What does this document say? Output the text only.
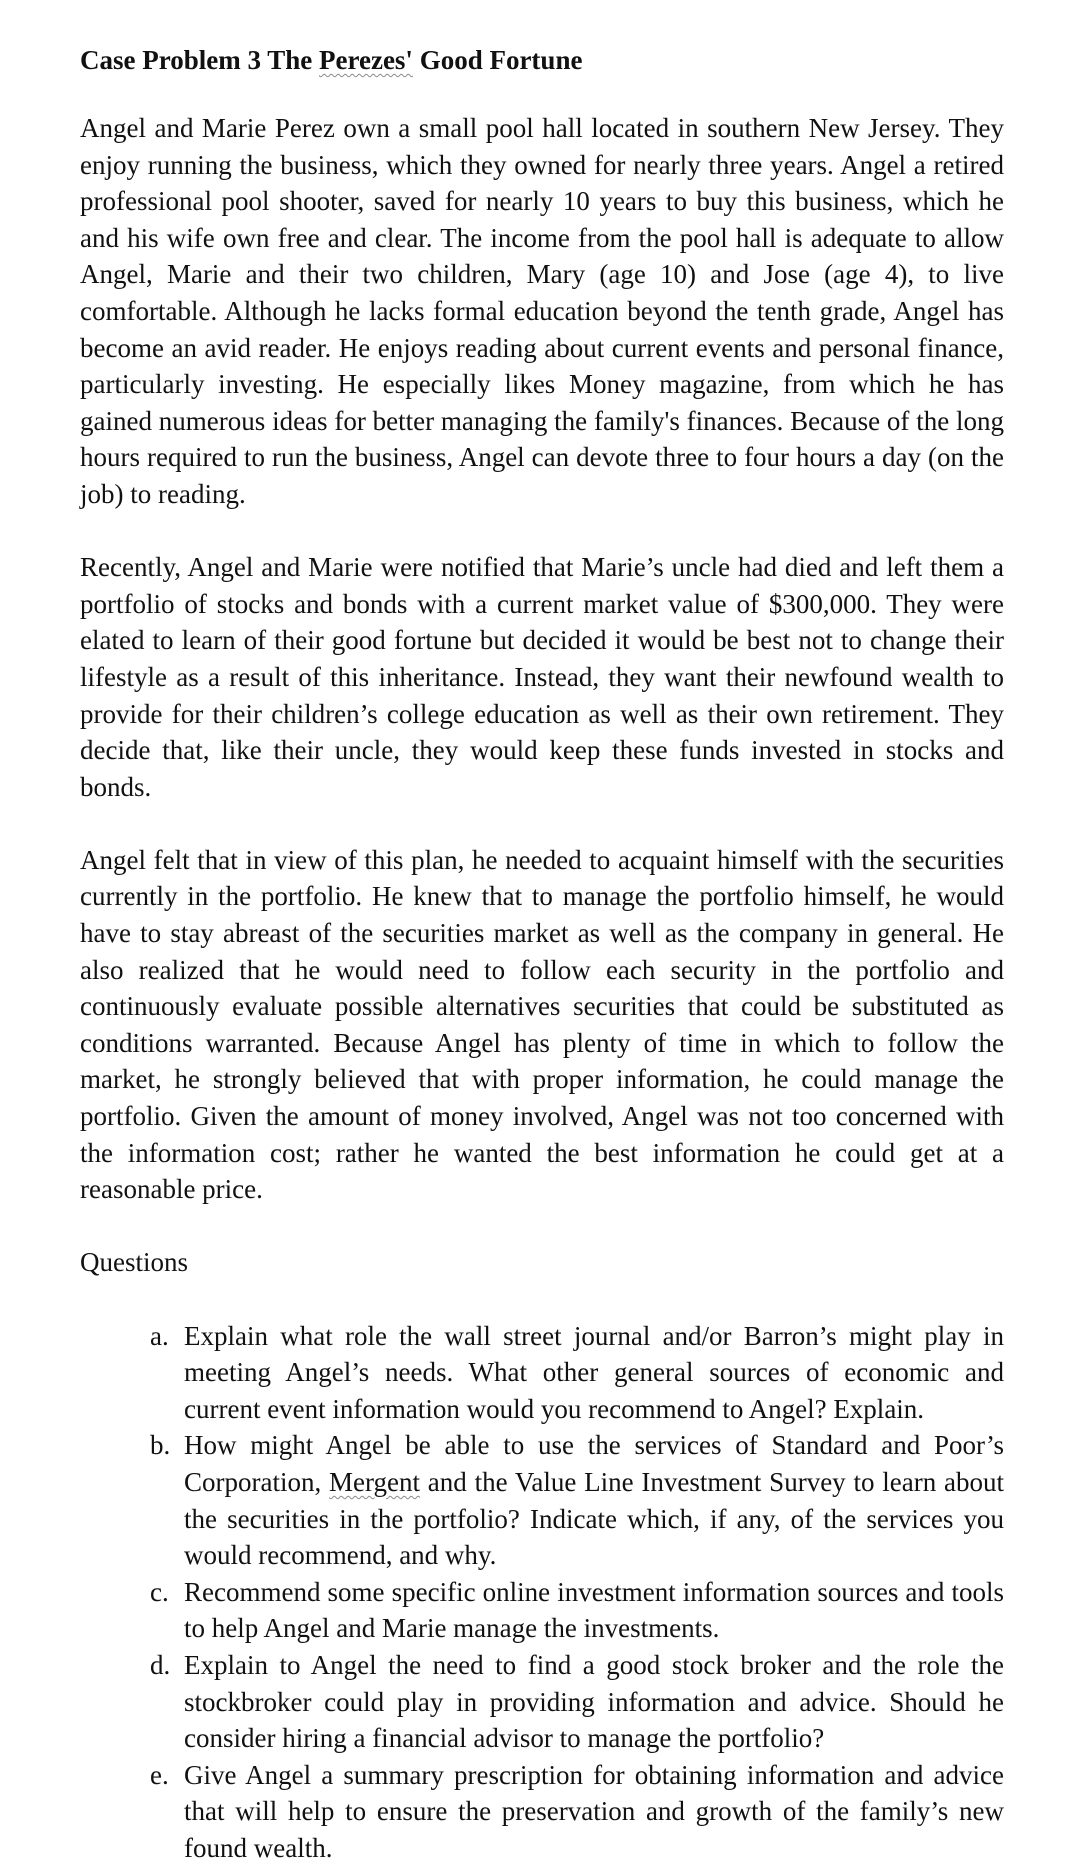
Case Problem 3 The Perezes' Good Fortune

Angel and Marie Perez own a small pool hall located in southern New Jersey. They enjoy running the business, which they owned for nearly three years. Angel a retired professional pool shooter, saved for nearly 10 years to buy this business, which he and his wife own free and clear. The income from the pool hall is adequate to allow Angel, Marie and their two children, Mary (age 10) and Jose (age 4), to live comfortable. Although he lacks formal education beyond the tenth grade, Angel has become an avid reader. He enjoys reading about current events and personal finance, particularly investing. He especially likes Money magazine, from which he has gained numerous ideas for better managing the family's finances. Because of the long hours required to run the business, Angel can devote three to four hours a day (on the job) to reading.

Recently, Angel and Marie were notified that Marie’s uncle had died and left them a portfolio of stocks and bonds with a current market value of $300,000. They were elated to learn of their good fortune but decided it would be best not to change their lifestyle as a result of this inheritance. Instead, they want their newfound wealth to provide for their children’s college education as well as their own retirement. They decide that, like their uncle, they would keep these funds invested in stocks and bonds.

Angel felt that in view of this plan, he needed to acquaint himself with the securities currently in the portfolio. He knew that to manage the portfolio himself, he would have to stay abreast of the securities market as well as the company in general. He also realized that he would need to follow each security in the portfolio and continuously evaluate possible alternatives securities that could be substituted as conditions warranted. Because Angel has plenty of time in which to follow the market, he strongly believed that with proper information, he could manage the portfolio. Given the amount of money involved, Angel was not too concerned with the information cost; rather he wanted the best information he could get at a reasonable price.

Questions
a. Explain what role the wall street journal and/or Barron’s might play in meeting Angel’s needs. What other general sources of economic and current event information would you recommend to Angel? Explain.
b. How might Angel be able to use the services of Standard and Poor’s Corporation, Mergent and the Value Line Investment Survey to learn about the securities in the portfolio? Indicate which, if any, of the services you would recommend, and why.
c. Recommend some specific online investment information sources and tools to help Angel and Marie manage the investments.
d. Explain to Angel the need to find a good stock broker and the role the stockbroker could play in providing information and advice. Should he consider hiring a financial advisor to manage the portfolio?
e. Give Angel a summary prescription for obtaining information and advice that will help to ensure the preservation and growth of the family’s new found wealth.
